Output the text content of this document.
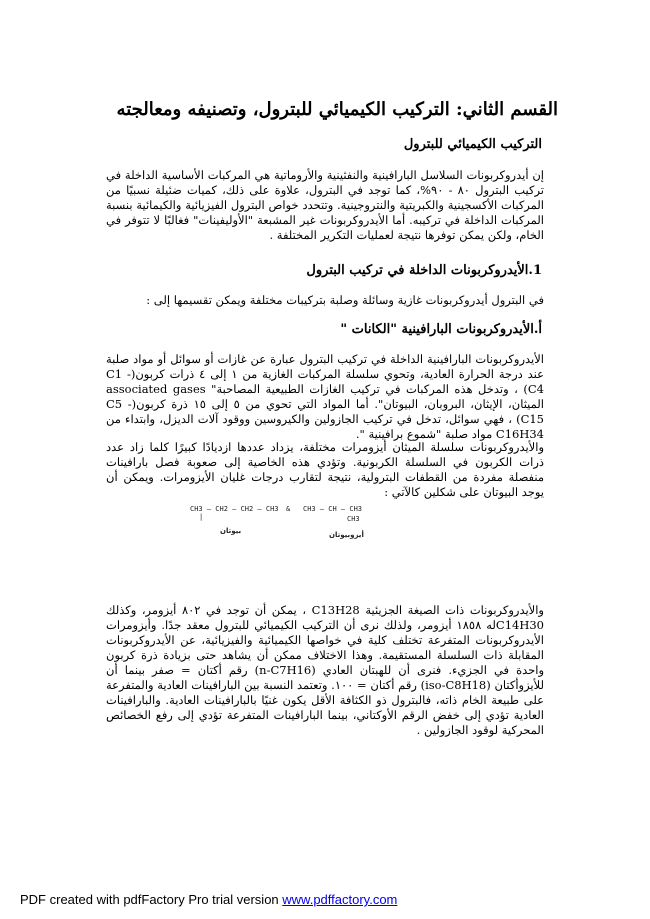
القسم الثاني: التركيب الكيميائي للبترول، وتصنيفه ومعالجته
التركيب الكيميائي للبترول

إن أيدروكربونات السلاسل البارافينية والنفثينية والأروماتية هي المركبات الأساسية الداخلة في تركيب البترول ٨٠ - ٩٠%، كما توجد في البترول، علاوة على ذلك، كميات ضئيلة نسبيًا من المركبات الأكسجينية والكبريتية والنتروجينية. وتتحدد خواص البترول الفيزيائية والكيمائية بنسبة المركبات الداخلة في تركيبه. أما الأيدروكربونات غير المشبعة "الأوليفينات" فغالبًا لا تتوفر في الخام، ولكن يمكن توفرها نتيجة لعمليات التكرير المختلفة .

1.الأيدروكربونات الداخلة في تركيب البترول

في البترول أيدروكربونات غازية وسائلة وصلبة بتركيبات مختلفة ويمكن تقسيمها إلى :

أ.الأيدروكربونات البارافينية "الكانات "

الأيدروكربونات البارافينية الداخلة في تركيب البترول عبارة عن غازات أو سوائل أو مواد صلبة عند درجة الحرارة العادية، وتحوي سلسلة المركبات الغازية من ١ إلى ٤ ذرات كربون(C1 - C4) ، وتدخل هذه المركبات في تركيب الغازات الطبيعية المصاحبة" associated gases الميثان، الإيثان، البروبان، البيوتان". أما المواد التي تحوي من ٥ إلى ١٥ ذرة كربون(C5 - C15) ، فهي سوائل، تدخل في تركيب الجازولين والكيروسين ووقود آلات الديزل، وابتداء من C16H34 مواد صلبة "شموع برافينية ".

والأيدروكربونات سلسلة الميثان أيزومرات مختلفة، يزداد عددها ازديادًا كبيرًا كلما زاد عدد ذرات الكربون في السلسلة الكربونية. وتؤدي هذه الخاصية إلى صعوبة فصل بارافينات منفصلة مفردة من القطفات البترولية، نتيجة لتقارب درجات غليان الأيزومرات. ويمكن أن يوجد البيوتان على شكلين كالآتي :

CH3 – CH2 – CH2 – CH3
|
بيوتان
& CH3 – CH – CH3
CH3
أيزوبيوتان

والأيدروكربونات ذات الصيغة الجزيئية C13H28 ، يمكن أن توجد في ٨٠٢ أيزومر، وكذلك C14H30له ١٨٥٨ أيزومر، ولذلك نرى أن التركيب الكيميائي للبترول معقد جدًا. وأيزومرات الأيدروكربونات المتفرعة تختلف كلية في خواصها الكيميائية والفيزيائية، عن الأيدروكربونات المقابلة ذات السلسلة المستقيمة. وهذا الاختلاف ممكن أن يشاهد حتى بزيادة ذرة كربون واحدة في الجزيء. فنرى أن للهبتان العادي (n-C7H16) رقم أكتان = صفر بينما أن للأيزوأكتان (iso-C8H18) رقم أكتان = ١٠٠. وتعتمد النسبة بين البارافينات العادية والمتفرعة على طبيعة الخام ذاته، فالبترول ذو الكثافة الأقل يكون غنيًا بالبارافينات العادية. والبارافينات العادية تؤدي إلى خفض الرقم الأوكتاني، بينما البارافينات المتفرعة تؤدي إلى رفع الخصائص المحركية لوقود الجازولين .

PDF created with pdfFactory Pro trial version www.pdffactory.com
